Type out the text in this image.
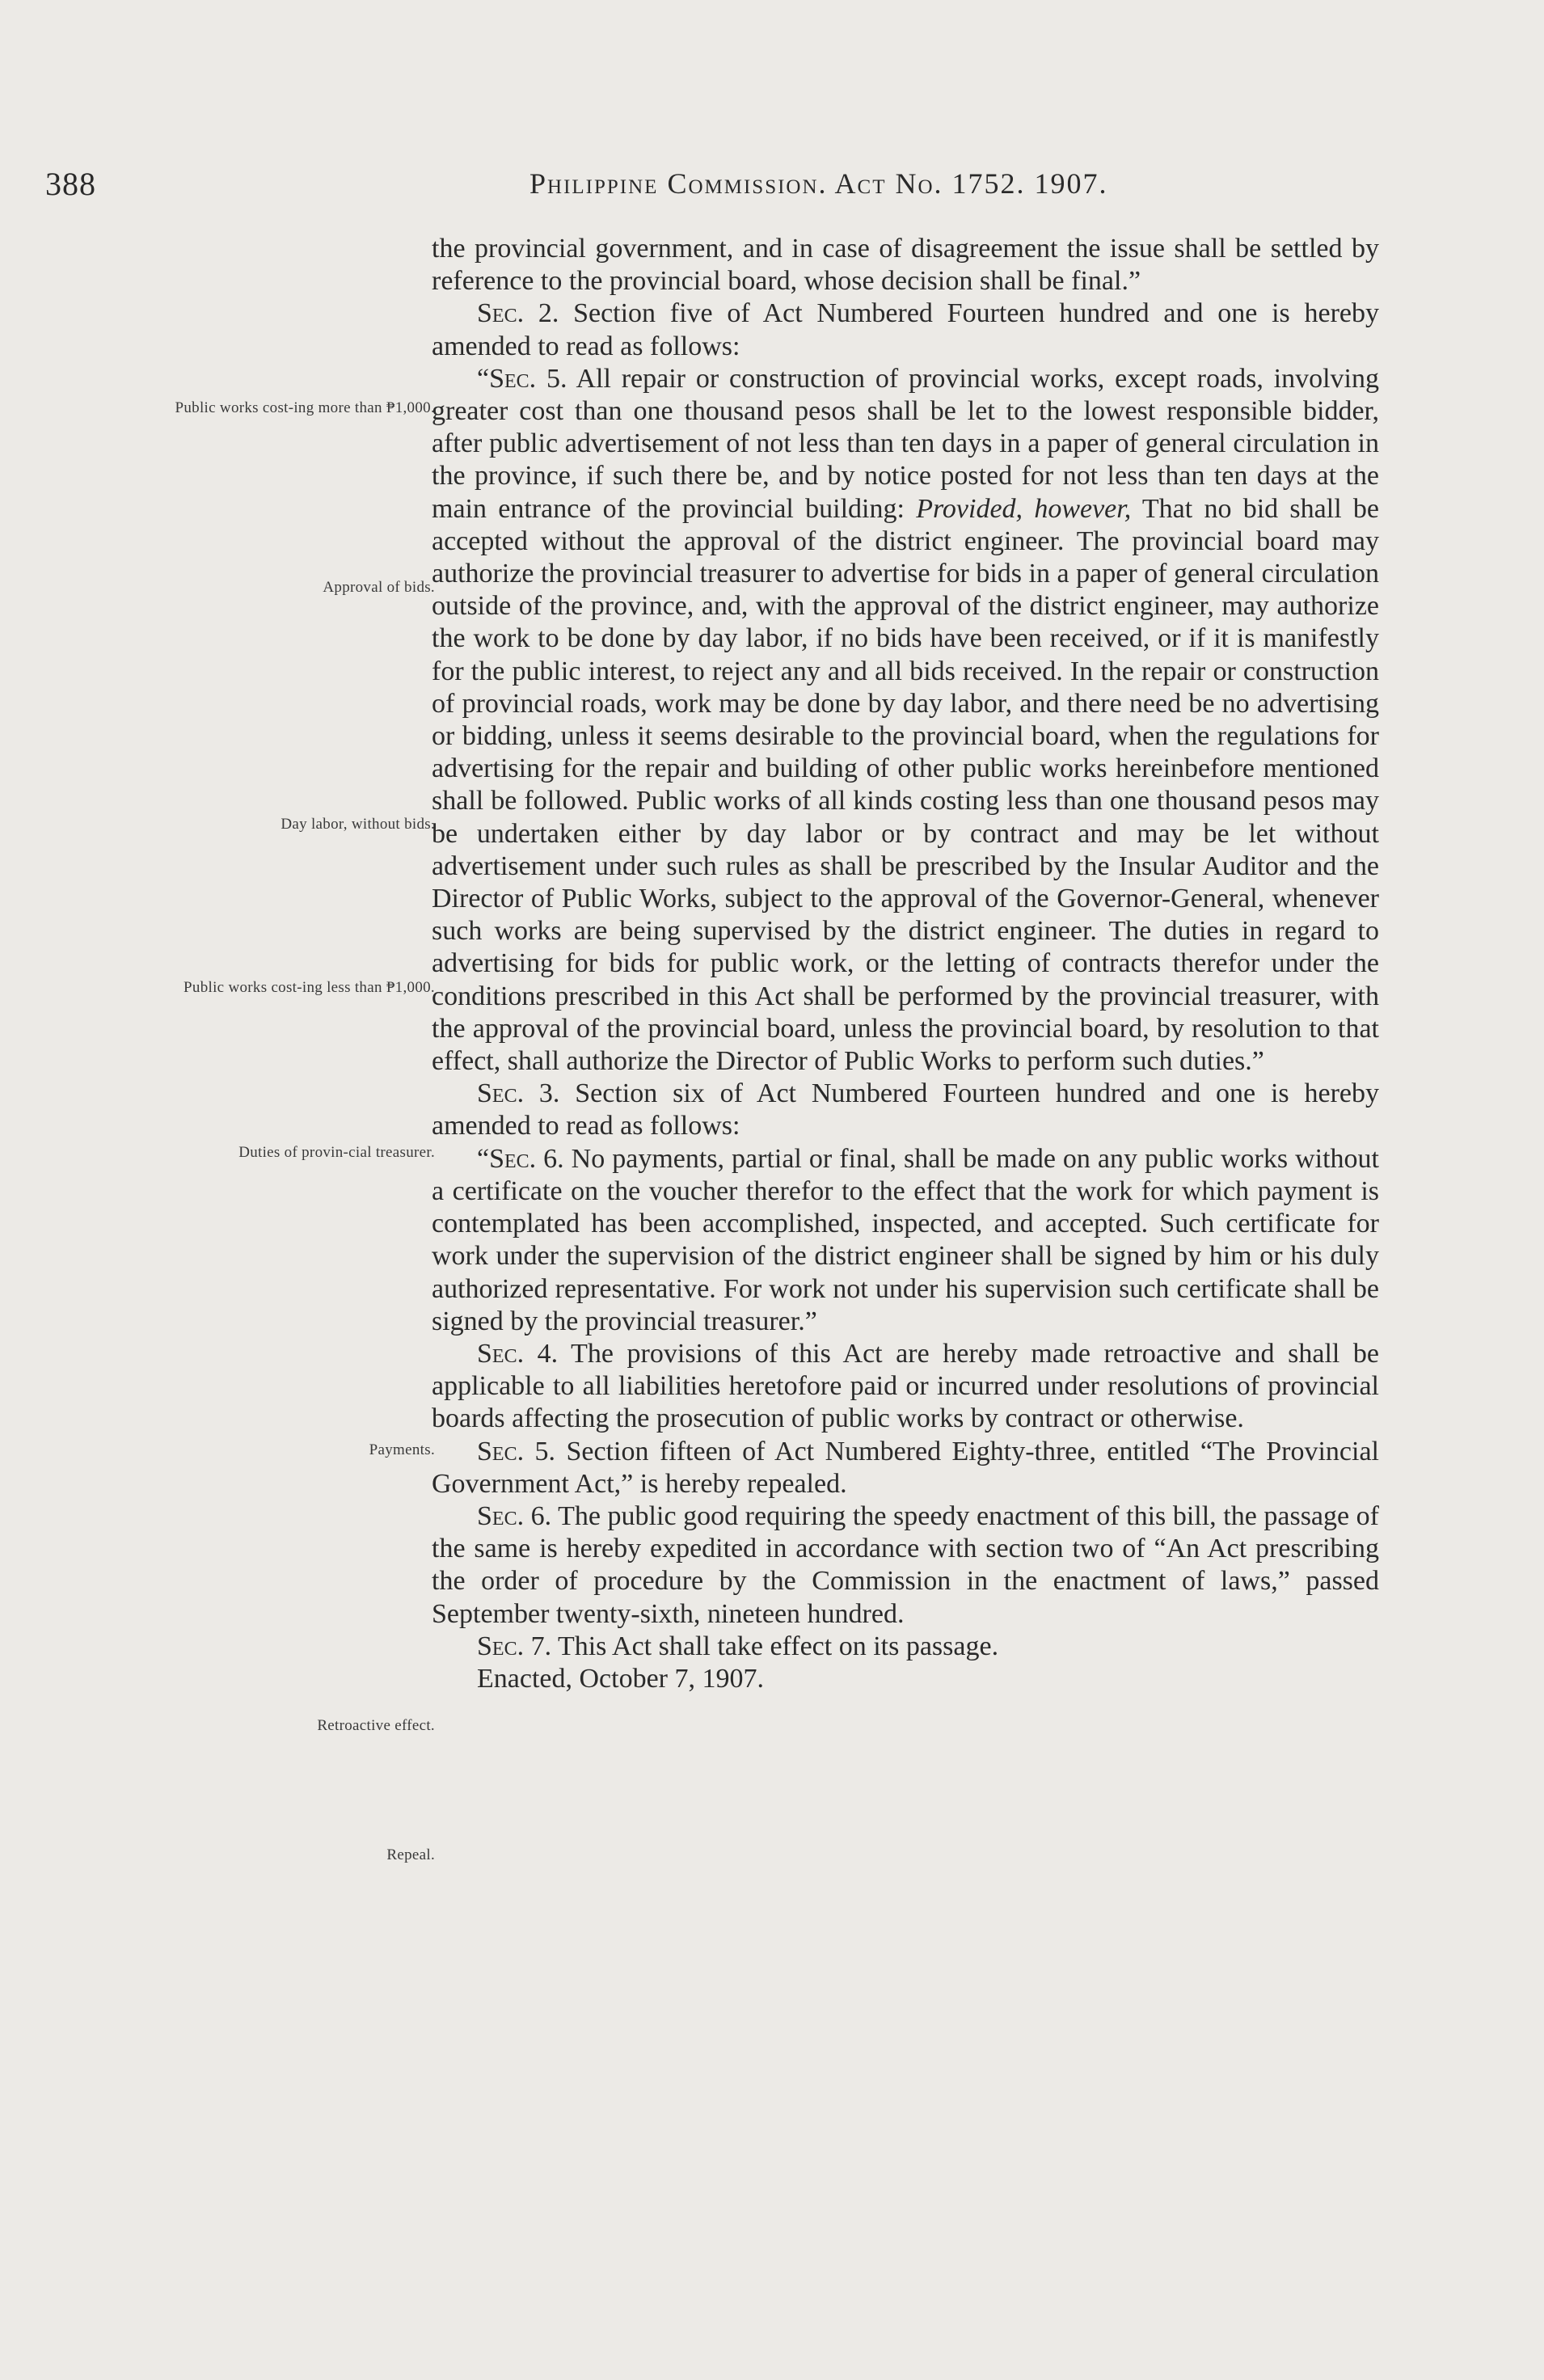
388	Philippine Commission. Act No. 1752. 1907.
Public works cost-ing more than ₱1,000.
Approval of bids.
Day labor, without bids.
Public works cost-ing less than ₱1,000.
Duties of provin-cial treasurer.
Payments.
Retroactive effect.
Repeal.

the provincial government, and in case of disagreement the issue shall be settled by reference to the provincial board, whose decision shall be final.”

Sec. 2. Section five of Act Numbered Fourteen hundred and one is hereby amended to read as follows:

“Sec. 5. All repair or construction of provincial works, except roads, involving greater cost than one thousand pesos shall be let to the lowest responsible bidder, after public advertisement of not less than ten days in a paper of general circulation in the province, if such there be, and by notice posted for not less than ten days at the main entrance of the provincial building: Provided, however, That no bid shall be accepted without the approval of the district engineer. The provincial board may authorize the provincial treasurer to advertise for bids in a paper of general circulation outside of the province, and, with the approval of the district engineer, may authorize the work to be done by day labor, if no bids have been received, or if it is manifestly for the public interest, to reject any and all bids received. In the repair or construction of provincial roads, work may be done by day labor, and there need be no advertising or bidding, unless it seems desirable to the provincial board, when the regulations for advertising for the repair and building of other public works hereinbefore mentioned shall be followed. Public works of all kinds costing less than one thousand pesos may be undertaken either by day labor or by contract and may be let without advertisement under such rules as shall be prescribed by the Insular Auditor and the Director of Public Works, subject to the approval of the Governor-General, whenever such works are being supervised by the district engineer. The duties in regard to advertising for bids for public work, or the letting of contracts therefor under the conditions prescribed in this Act shall be performed by the provincial treasurer, with the approval of the provincial board, unless the provincial board, by resolution to that effect, shall authorize the Director of Public Works to perform such duties.”

Sec. 3. Section six of Act Numbered Fourteen hundred and one is hereby amended to read as follows:

“Sec. 6. No payments, partial or final, shall be made on any public works without a certificate on the voucher therefor to the effect that the work for which payment is contemplated has been accomplished, inspected, and accepted. Such certificate for work under the supervision of the district engineer shall be signed by him or his duly authorized representative. For work not under his supervision such certificate shall be signed by the provincial treasurer.”

Sec. 4. The provisions of this Act are hereby made retroactive and shall be applicable to all liabilities heretofore paid or incurred under resolutions of provincial boards affecting the prosecution of public works by contract or otherwise.

Sec. 5. Section fifteen of Act Numbered Eighty-three, entitled “The Provincial Government Act,” is hereby repealed.

Sec. 6. The public good requiring the speedy enactment of this bill, the passage of the same is hereby expedited in accordance with section two of “An Act prescribing the order of procedure by the Commission in the enactment of laws,” passed September twenty-sixth, nineteen hundred.

Sec. 7. This Act shall take effect on its passage.

Enacted, October 7, 1907.
